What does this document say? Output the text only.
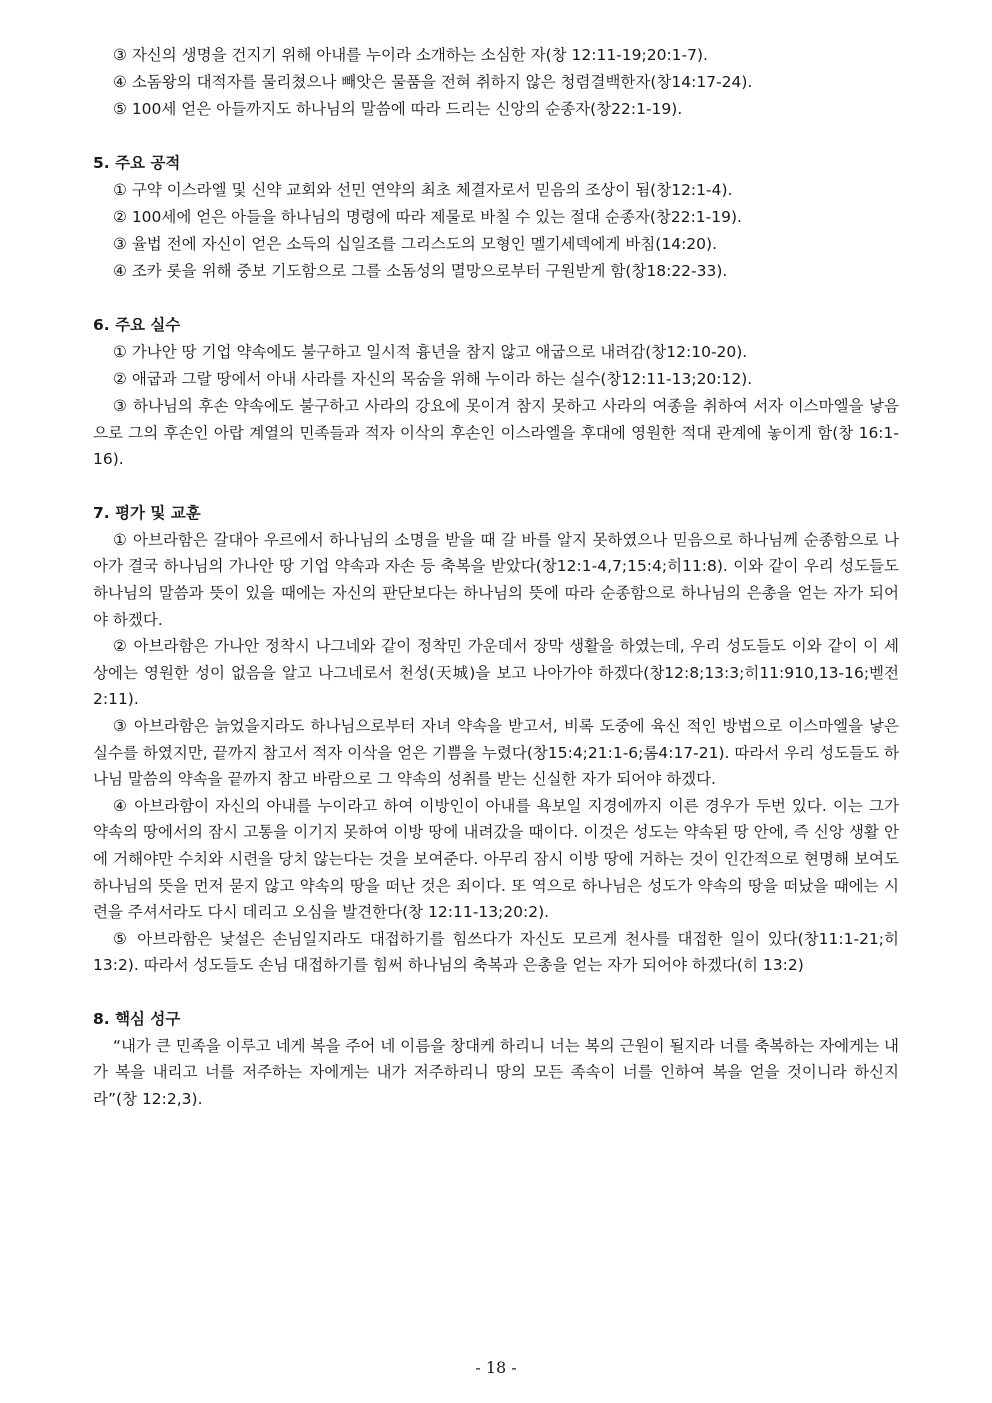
③ 자신의 생명을 건지기 위해 아내를 누이라 소개하는 소심한 자(창 12:11-19;20:1-7).
④ 소돔왕의 대적자를 물리쳤으나 빼앗은 물품을 전혀 취하지 않은 청렴결백한자(창14:17-24).
⑤ 100세 얻은 아들까지도 하나님의 말씀에 따라 드리는 신앙의 순종자(창22:1-19).
5. 주요 공적
① 구약 이스라엘 및 신약 교회와 선민 연약의 최초 체결자로서 믿음의 조상이 됨(창12:1-4).
② 100세에 얻은 아들을 하나님의 명령에 따라 제물로 바칠 수 있는 절대 순종자(창22:1-19).
③ 율법 전에 자신이 얻은 소득의 십일조를 그리스도의 모형인 멜기세덱에게 바침(14:20).
④ 조카 롯을 위해 중보 기도함으로 그를 소돔성의 멸망으로부터 구원받게 함(창18:22-33).
6. 주요 실수
① 가나안 땅 기업 약속에도 불구하고 일시적 흉년을 참지 않고 애굽으로 내려감(창12:10-20).
② 애굽과 그랄 땅에서 아내 사라를 자신의 목숨을 위해 누이라 하는 실수(창12:11-13;20:12).

③ 하나님의 후손 약속에도 불구하고 사라의 강요에 못이겨 참지 못하고 사라의 여종을 취하여 서자 이스마엘을 낳음으로 그의 후손인 아랍 계열의 민족들과 적자 이삭의 후손인 이스라엘을 후대에 영원한 적대 관계에 놓이게 함(창 16:1-16).

7. 평가 및 교훈

① 아브라함은 갈대아 우르에서 하나님의 소명을 받을 때 갈 바를 알지 못하였으나 믿음으로 하나님께 순종함으로 나아가 결국 하나님의 가나안 땅 기업 약속과 자손 등 축복을 받았다(창12:1-4,7;15:4;히11:8). 이와 같이 우리 성도들도 하나님의 말씀과 뜻이 있을 때에는 자신의 판단보다는 하나님의 뜻에 따라 순종함으로 하나님의 은총을 얻는 자가 되어야 하겠다.

② 아브라함은 가나안 정착시 나그네와 같이 정착민 가운데서 장막 생활을 하였는데, 우리 성도들도 이와 같이 이 세상에는 영원한 성이 없음을 알고 나그네로서 천성(天城)을 보고 나아가야 하겠다(창12:8;13:3;히11:910,13-16;벧전2:11).

③ 아브라함은 늙었을지라도 하나님으로부터 자녀 약속을 받고서, 비록 도중에 육신 적인 방법으로 이스마엘을 낳은 실수를 하였지만, 끝까지 참고서 적자 이삭을 얻은 기쁨을 누렸다(창15:4;21:1-6;롬4:17-21). 따라서 우리 성도들도 하나님 말씀의 약속을 끝까지 참고 바람으로 그 약속의 성취를 받는 신실한 자가 되어야 하겠다.

④ 아브라함이 자신의 아내를 누이라고 하여 이방인이 아내를 욕보일 지경에까지 이른 경우가 두번 있다. 이는 그가 약속의 땅에서의 잠시 고통을 이기지 못하여 이방 땅에 내려갔을 때이다. 이것은 성도는 약속된 땅 안에, 즉 신앙 생활 안에 거해야만 수치와 시련을 당치 않는다는 것을 보여준다. 아무리 잠시 이방 땅에 거하는 것이 인간적으로 현명해 보여도 하나님의 뜻을 먼저 묻지 않고 약속의 땅을 떠난 것은 죄이다. 또 역으로 하나님은 성도가 약속의 땅을 떠났을 때에는 시련을 주셔서라도 다시 데리고 오심을 발견한다(창 12:11-13;20:2).

⑤ 아브라함은 낯설은 손님일지라도 대접하기를 힘쓰다가 자신도 모르게 천사를 대접한 일이 있다(창11:1-21;히13:2). 따라서 성도들도 손님 대접하기를 힘써 하나님의 축복과 은총을 얻는 자가 되어야 하겠다(히 13:2)

8. 핵심 성구

“내가 큰 민족을 이루고 네게 복을 주어 네 이름을 창대케 하리니 너는 복의 근원이 될지라 너를 축복하는 자에게는 내가 복을 내리고 너를 저주하는 자에게는 내가 저주하리니 땅의 모든 족속이 너를 인하여 복을 얻을 것이니라 하신지라”(창 12:2,3).

- 18 -
